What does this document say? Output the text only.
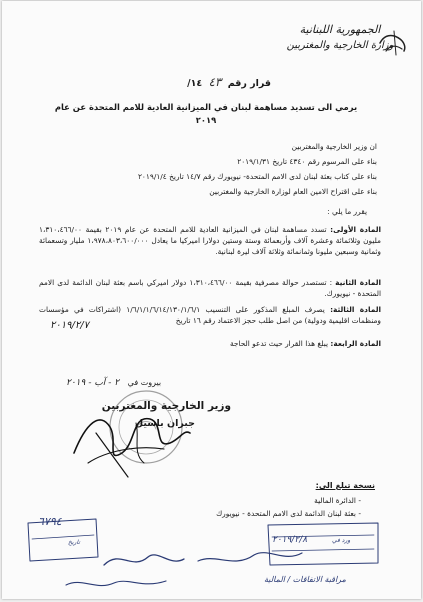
الجمهورية اللبنانية
وزارة الخارجية والمغتربين
قرار رقم ٤٣ ١٤/
يرمي الى تسديد مساهمة لبنان في الميزانية العادية للامم المتحدة عن عام
٢٠١٩
ان وزير الخارجية والمغتربين
بناء على المرسوم رقم ٤٣٤٠ تاريخ ٢٠١٩/١/٣١
بناء على كتاب بعثة لبنان لدى الامم المتحدة- نيويورك رقم ١٤/٧ تاريخ ٢٠١٩/١/٤
بناء على اقتراح الامين العام لوزارة الخارجية والمغتربين
يقرر ما يلي :
المادة الأولى: تسدد مساهمة لبنان في الميزانية العادية للامم المتحدة عن عام ٢٠١٩ بقيمة ١،٣١٠،٤٦٦/٠٠ مليون وثلاثمائة وعشرة آلاف وأربعمائة وستة وستين دولارا اميركيا ما يعادل ١،٩٧٨،٨٠٣،٦٠٠/٠٠٠ مليار وتسعمائة وثمانية وسبعين مليونا وثمانمائة وثلاثة آلاف ليرة لبنانية.
المادة الثانية : تستصدر حوالة مصرفية بقيمة ١،٣١٠،٤٦٦/٠٠ دولار اميركي باسم بعثة لبنان الدائمة لدى الامم المتحدة - نيويورك.
المادة الثالثة: يصرف المبلغ المذكور على التنسيب ١/٦/١/١/٦/١٤/١٣٠/١/٦/١ (اشتراكات في مؤسسات ومنظمات اقليمية ودولية) من اصل طلب حجز الاعتماد رقم ١٦ تاريخ
٢٠١٩/٢/٧
المادة الرابعة: يبلغ هذا القرار حيث تدعو الحاجة
بيروت في ٢ - آب - ٢٠١٩
وزير الخارجية والمغتربين
جبران باسيل
نسخة تبلغ الى:
- الدائرة المالية
- بعثة لبنان الدائمة لدى الامم المتحدة - نيويورك
٦٧٩٤
تاريخ	ورد في
٢٠١٩/٢/٨
مراقبة الاتفاقات / المالية
